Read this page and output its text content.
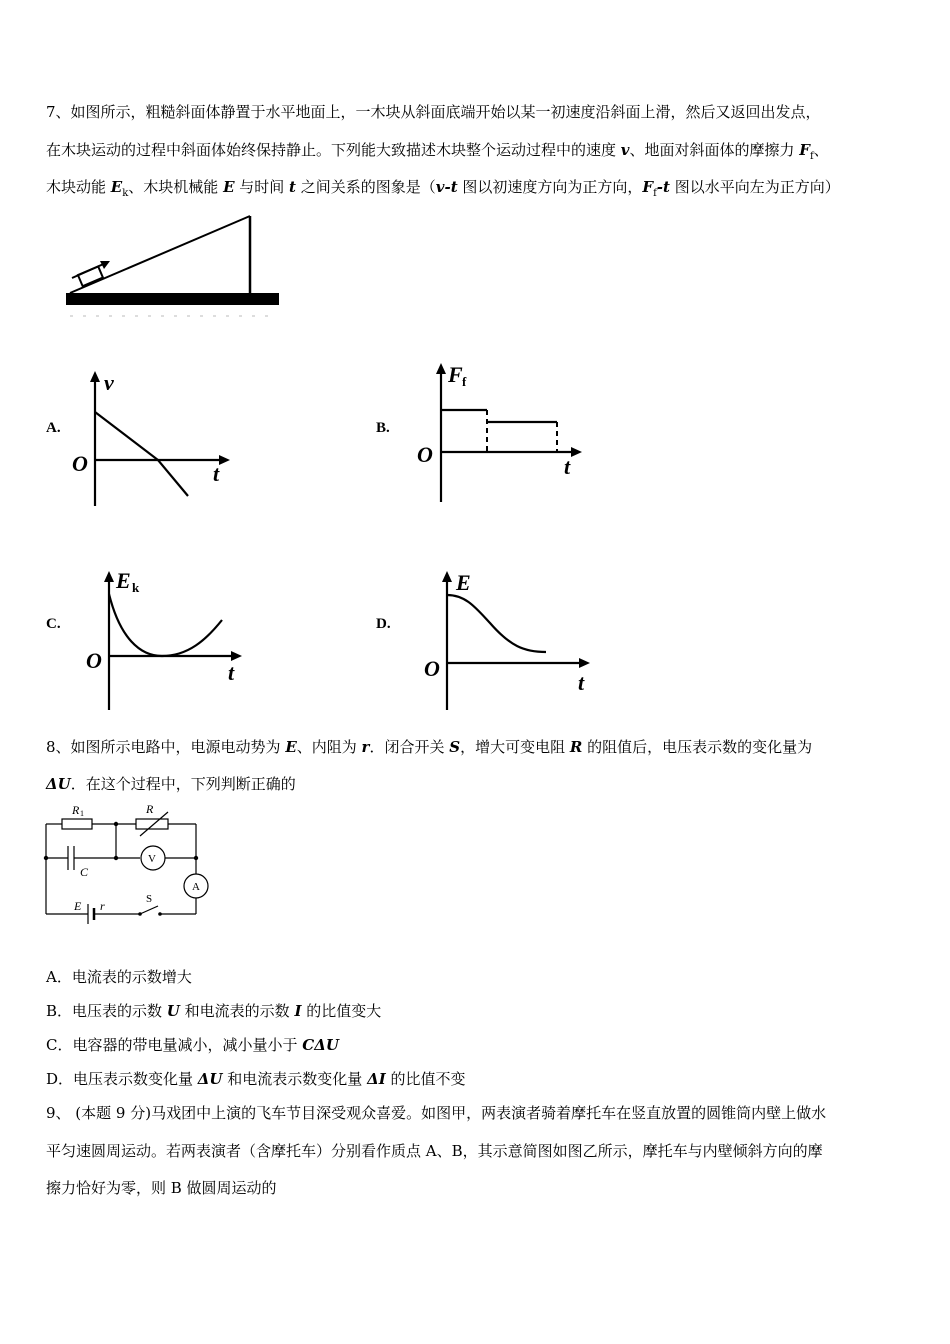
7、如图所示，粗糙斜面体静置于水平地面上，一木块从斜面底端开始以某一初速度沿斜面上滑，然后又返回出发点，
在木块运动的过程中斜面体始终保持静止。下列能大致描述木块整个运动过程中的速度 v、地面对斜面体的摩擦力 $F_f$、
木块动能 $E_k$、木块机械能 E 与时间 t 之间关系的图象是（v-t 图以初速度方向为正方向，$F_f-t$ 图以水平向左为正方向）
A.	B.
C.	D.
v
O	t
F f
O	t
E k
O	t
E
O
t
8、如图所示电路中，电源电动势为 E、内阻为 r．闭合开关 S，增大可变电阻 R 的阻值后，电压表示数的变化量为
ΔU．在这个过程中，下列判断正确的
R 1	R
C
V
A
E r	S
A．电流表的示数增大
B．电压表的示数 U 和电流表的示数 I 的比值变大
C．电容器的带电量减小，减小量小于 CΔU
D．电压表示数变化量 ΔU 和电流表示数变化量 ΔI 的比值不变
9、 (本题 9 分)马戏团中上演的飞车节目深受观众喜爱。如图甲，两表演者骑着摩托车在竖直放置的圆锥筒内壁上做水
平匀速圆周运动。若两表演者（含摩托车）分别看作质点 A、B，其示意简图如图乙所示，摩托车与内壁倾斜方向的摩
擦力恰好为零，则 B 做圆周运动的
